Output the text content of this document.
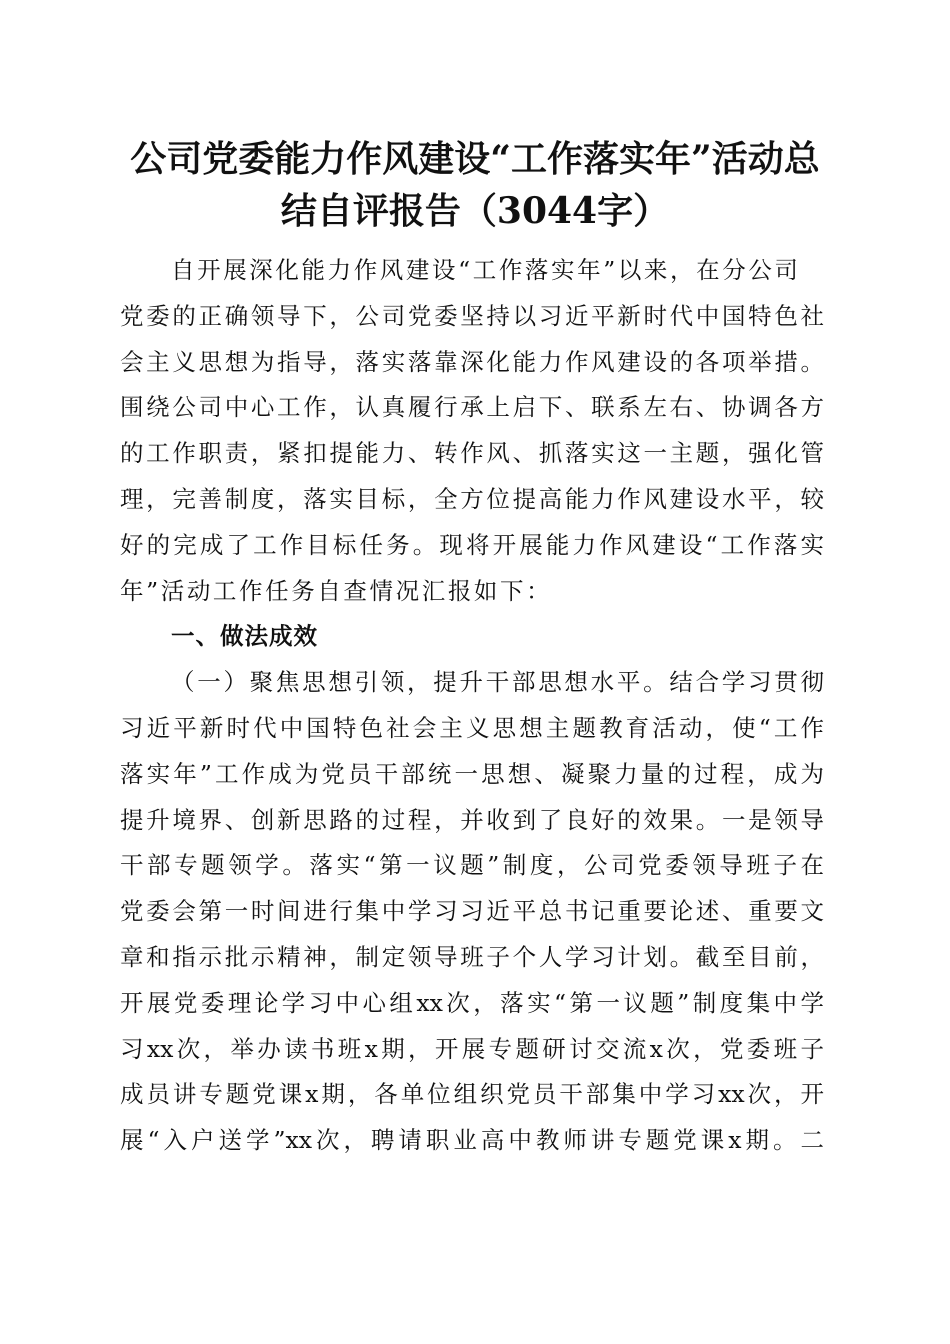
公司党委能力作风建设“工作落实年”活动总
结自评报告（3044字）
自开展深化能力作风建设“工作落实年”以来，在分公司
党委的正确领导下，公司党委坚持以习近平新时代中国特色社
会主义思想为指导，落实落靠深化能力作风建设的各项举措。
围绕公司中心工作，认真履行承上启下、联系左右、协调各方
的工作职责，紧扣提能力、转作风、抓落实这一主题，强化管
理，完善制度，落实目标，全方位提高能力作风建设水平，较
好的完成了工作目标任务。现将开展能力作风建设“工作落实
年”活动工作任务自查情况汇报如下：
一、做法成效
（一）聚焦思想引领，提升干部思想水平。结合学习贯彻
习近平新时代中国特色社会主义思想主题教育活动，使“工作
落实年”工作成为党员干部统一思想、凝聚力量的过程，成为
提升境界、创新思路的过程，并收到了良好的效果。一是领导
干部专题领学。落实“第一议题”制度，公司党委领导班子在
党委会第一时间进行集中学习习近平总书记重要论述、重要文
章和指示批示精神，制定领导班子个人学习计划。截至目前，
开展党委理论学习中心组xx次，落实“第一议题”制度集中学
习xx次，举办读书班x期，开展专题研讨交流x次，党委班子
成员讲专题党课x期，各单位组织党员干部集中学习xx次，开
展“入户送学”xx次，聘请职业高中教师讲专题党课x期。二
